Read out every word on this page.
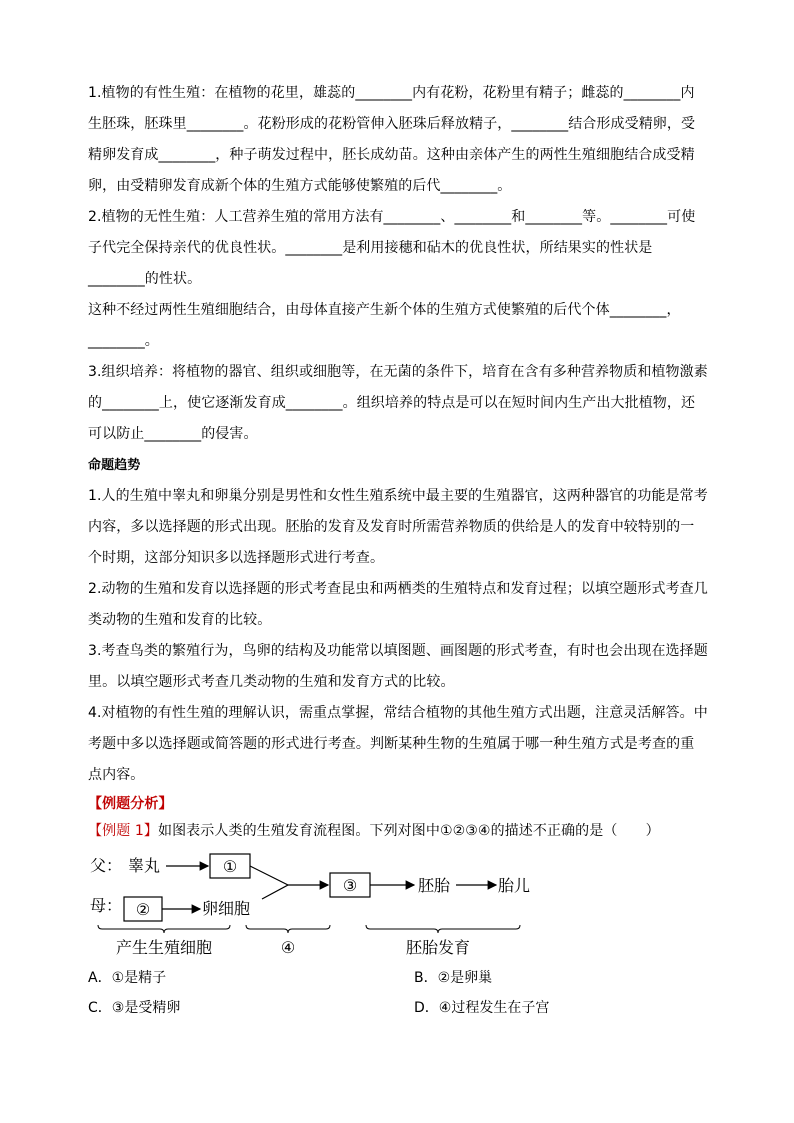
1.植物的有性生殖：在植物的花里，雄蕊的________内有花粉，花粉里有精子；雌蕊的________内生胚珠，胚珠里________。花粉形成的花粉管伸入胚珠后释放精子，________结合形成受精卵，受精卵发育成________，种子萌发过程中，胚长成幼苗。这种由亲体产生的两性生殖细胞结合成受精卵，由受精卵发育成新个体的生殖方式能够使繁殖的后代________。

2.植物的无性生殖：人工营养生殖的常用方法有________、________和________等。________可使子代完全保持亲代的优良性状。________是利用接穗和砧木的优良性状，所结果实的性状是________的性状。

这种不经过两性生殖细胞结合，由母体直接产生新个体的生殖方式使繁殖的后代个体________，________。

3.组织培养：将植物的器官、组织或细胞等，在无菌的条件下，培育在含有多种营养物质和植物激素的________上，使它逐渐发育成________。组织培养的特点是可以在短时间内生产出大批植物，还可以防止________的侵害。

命题趋势

1.人的生殖中睾丸和卵巢分别是男性和女性生殖系统中最主要的生殖器官，这两种器官的功能是常考内容，多以选择题的形式出现。胚胎的发育及发育时所需营养物质的供给是人的发育中较特别的一个时期，这部分知识多以选择题形式进行考查。

2.动物的生殖和发育以选择题的形式考查昆虫和两栖类的生殖特点和发育过程；以填空题形式考查几类动物的生殖和发育的比较。

3.考查鸟类的繁殖行为，鸟卵的结构及功能常以填图题、画图题的形式考查，有时也会出现在选择题里。以填空题形式考查几类动物的生殖和发育方式的比较。

4.对植物的有性生殖的理解认识，需重点掌握，常结合植物的其他生殖方式出题，注意灵活解答。中考题中多以选择题或简答题的形式进行考查。判断某种生物的生殖属于哪一种生殖方式是考查的重点内容。

【例题分析】

【例题 1】如图表示人类的生殖发育流程图。下列对图中①②③④的描述不正确的是（　　）

父： 睾丸	①
母： ②	卵细胞
③	胚胎	胎儿
产生生殖细胞	④	胚胎发育
A．①是精子	B．②是卵巢
C．③是受精卵	D．④过程发生在子宫
